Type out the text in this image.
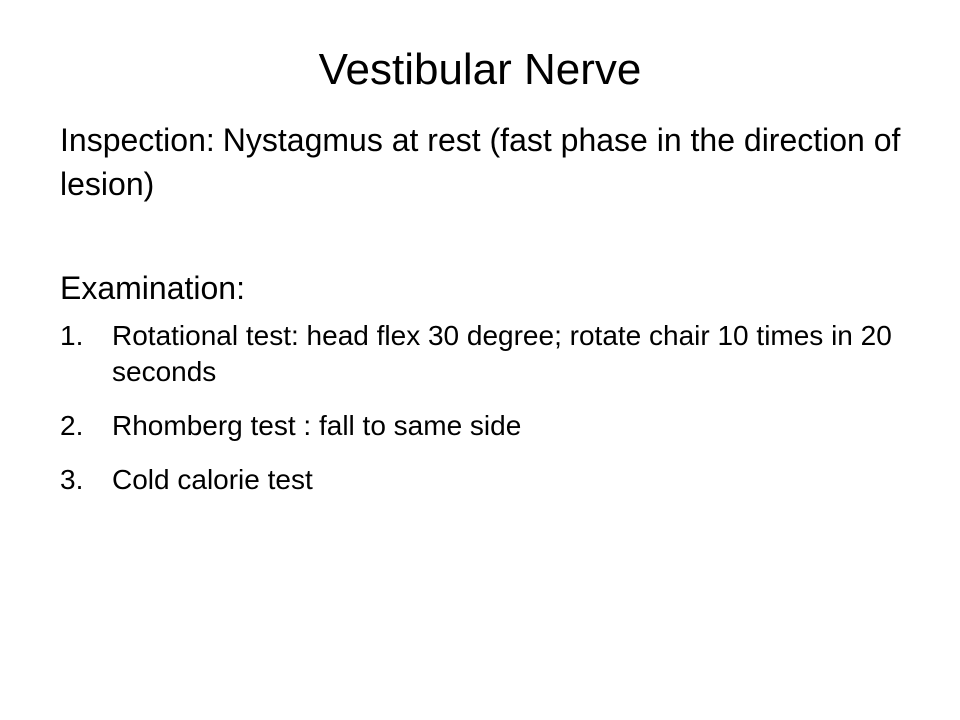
Vestibular Nerve

Inspection: Nystagmus at rest (fast phase in the direction of lesion)

Examination:

1. Rotational test: head flex 30 degree; rotate chair 10 times in 20 seconds
2. Rhomberg test : fall to same side
3. Cold calorie test
